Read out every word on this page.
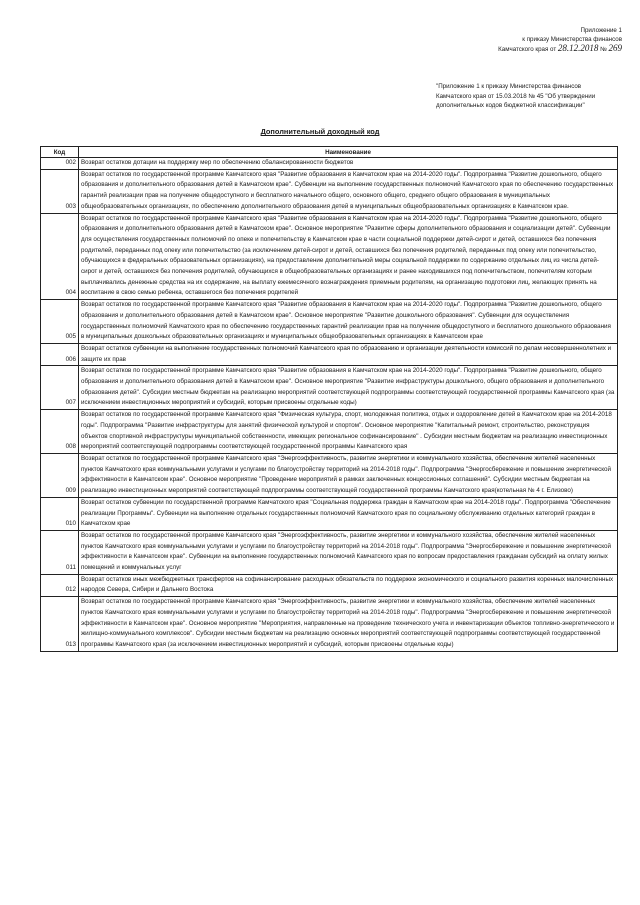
Приложение 1
к приказу Министерства финансов
Камчатского края от 28.12.2018 № 269
"Приложение 1 к приказу Министерства финансов
Камчатского края от 15.03.2018 № 45 "Об утверждении
дополнительных кодов бюджетной классификации"
Дополнительный доходный код
Код	Наименование
002	Возврат остатков дотации на поддержку мер по обеспечению сбалансированности бюджетов
003	Возврат остатков по государственной программе Камчатского края "Развитие образования в Камчатском крае на 2014-2020 годы". Подпрограмма "Развитие дошкольного, общего образования и дополнительного образования детей в Камчатском крае". Субвенции на выполнение государственных полномочий Камчатского края по обеспечению государственных гарантий реализации прав на получение общедоступного и бесплатного начального общего, основного общего, среднего общего образования в муниципальных общеобразовательных организациях, по обеспечению дополнительного образования детей в муниципальных общеобразовательных организациях в Камчатском крае.
004	Возврат остатков по государственной программе Камчатского края "Развитие образования в Камчатском крае на 2014-2020 годы". Подпрограмма "Развитие дошкольного, общего образования и дополнительного образования детей в Камчатском крае". Основное мероприятие "Развитие сферы дополнительного образования и социализации детей". Субвенции для осуществления государственных полномочий по опеке и попечительству в Камчатском крае в части социальной поддержки детей-сирот и детей, оставшихся без попечения родителей, переданных под опеку или попечительство (за исключением детей-сирот и детей, оставшихся без попечения родителей, переданных под опеку или попечительство, обучающихся в федеральных образовательных организациях), на предоставление дополнительной меры социальной поддержки по содержанию отдельных лиц из числа детей-сирот и детей, оставшихся без попечения родителей, обучающихся в общеобразовательных организациях и ранее находившихся под попечительством, попечителям которым выплачивались денежные средства на их содержание, на выплату ежемесячного вознаграждения приемным родителям, на организацию подготовки лиц, желающих принять на воспитание в свою семью ребенка, оставшегося без попечения родителей
005	Возврат остатков по государственной программе Камчатского края "Развитие образования в Камчатском крае на 2014-2020 годы". Подпрограмма "Развитие дошкольного, общего образования и дополнительного образования детей в Камчатском крае". Основное мероприятие "Развитие дошкольного образования". Субвенции для осуществления государственных полномочий Камчатского края по обеспечению государственных гарантий реализации прав на получение общедоступного и бесплатного дошкольного образования в муниципальных дошкольных образовательных организациях и муниципальных общеобразовательных организациях в Камчатском крае
006	Возврат остатков субвенции на выполнение государственных полномочий Камчатского края по образованию и организации деятельности комиссий по делам несовершеннолетних и защите их прав
007	Возврат остатков по государственной программе Камчатского края "Развитие образования в Камчатском крае на 2014-2020 годы". Подпрограмма "Развитие дошкольного, общего образования и дополнительного образования детей в Камчатском крае". Основное мероприятие "Развитие инфраструктуры дошкольного, общего образования и дополнительного образования детей". Субсидии местным бюджетам на реализацию мероприятий соответствующей подпрограммы соответствующей государственной программы Камчатского края (за исключением инвестиционных мероприятий и субсидий, которым присвоены отдельные коды)
008	Возврат остатков по государственной программе Камчатского края "Физическая культура, спорт, молодежная политика, отдых и оздоровление детей в Камчатском крае на 2014-2018 годы". Подпрограмма "Развитие инфраструктуры для занятий физической культурой и спортом". Основное мероприятие "Капитальный ремонт, строительство, реконструкция объектов спортивной инфраструктуры муниципальной собственности, имеющих региональное софинансирование" . Субсидии местным бюджетам на реализацию инвестиционных мероприятий соответствующей подпрограммы соответствующей государственной программы Камчатского края
009	Возврат остатков по государственной программе Камчатского края "Энергоэффективность, развитие энергетики и коммунального хозяйства, обеспечение жителей населенных пунктов Камчатского края коммунальными услугами и услугами по благоустройству территорий на 2014-2018 годы". Подпрограмма "Энергосбережение и повышение энергетической эффективности в Камчатском крае". Основное мероприятие "Проведение мероприятий в рамках заключенных концессионных соглашений". Субсидии местным бюджетам на реализацию инвестиционных мероприятий соответствующей подпрограммы соответствующей государственной программы Камчатского края(котельная № 4 г. Елизово)
010	Возврат остатков субвенции по государственной программе Камчатского края "Социальная поддержка граждан в Камчатском крае на 2014-2018 годы". Подпрограмма "Обеспечение реализации Программы". Субвенции на выполнение отдельных государственных полномочий Камчатского края по социальному обслуживанию отдельных категорий граждан в Камчатском крае
011	Возврат остатков по государственной программе Камчатского края "Энергоэффективность, развитие энергетики и коммунального хозяйства, обеспечение жителей населенных пунктов Камчатского края коммунальными услугами и услугами по благоустройству территорий на 2014-2018 годы". Подпрограмма "Энергосбережение и повышение энергетической эффективности в Камчатском крае". Субвенции на выполнение государственных полномочий Камчатского края по вопросам предоставления гражданам субсидий на оплату жилых помещений и коммунальных услуг
012	Возврат остатков иных межбюджетных трансфертов на софинансирование расходных обязательств по поддержке экономического и социального развития коренных малочисленных народов Севера, Сибири и Дальнего Востока
013	Возврат остатков по государственной программе Камчатского края "Энергоэффективность, развитие энергетики и коммунального хозяйства, обеспечение жителей населенных пунктов Камчатского края коммунальными услугами и услугами по благоустройству территорий на 2014-2018 годы". Подпрограмма "Энергосбережение и повышение энергетической эффективности в Камчатском крае". Основное мероприятие "Мероприятия, направленные на проведение технического учета и инвентаризации объектов топливно-энергетического и жилищно-коммунального комплексов". Субсидии местным бюджетам на реализацию основных мероприятий соответствующей подпрограммы соответствующей государственной программы Камчатского края (за исключением инвестиционных мероприятий и субсидий, которым присвоены отдельные коды)
